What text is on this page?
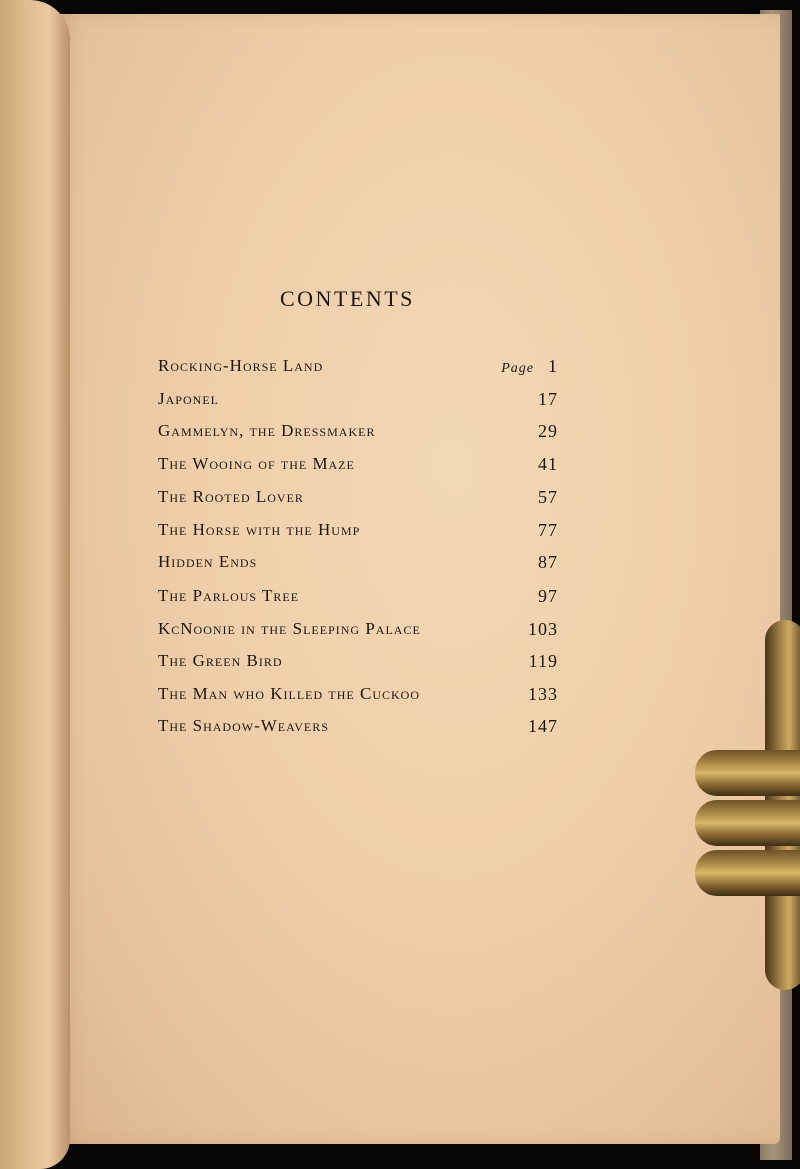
CONTENTS
Rocking-Horse Land	Page 1
Japonel	17
Gammelyn, the Dressmaker	29
The Wooing of the Maze	41
The Rooted Lover	57
The Horse with the Hump	77
Hidden Ends	87
The Parlous Tree	97
KcNoonie in the Sleeping Palace	103
The Green Bird	119
The Man who Killed the Cuckoo	133
The Shadow-Weavers	147
